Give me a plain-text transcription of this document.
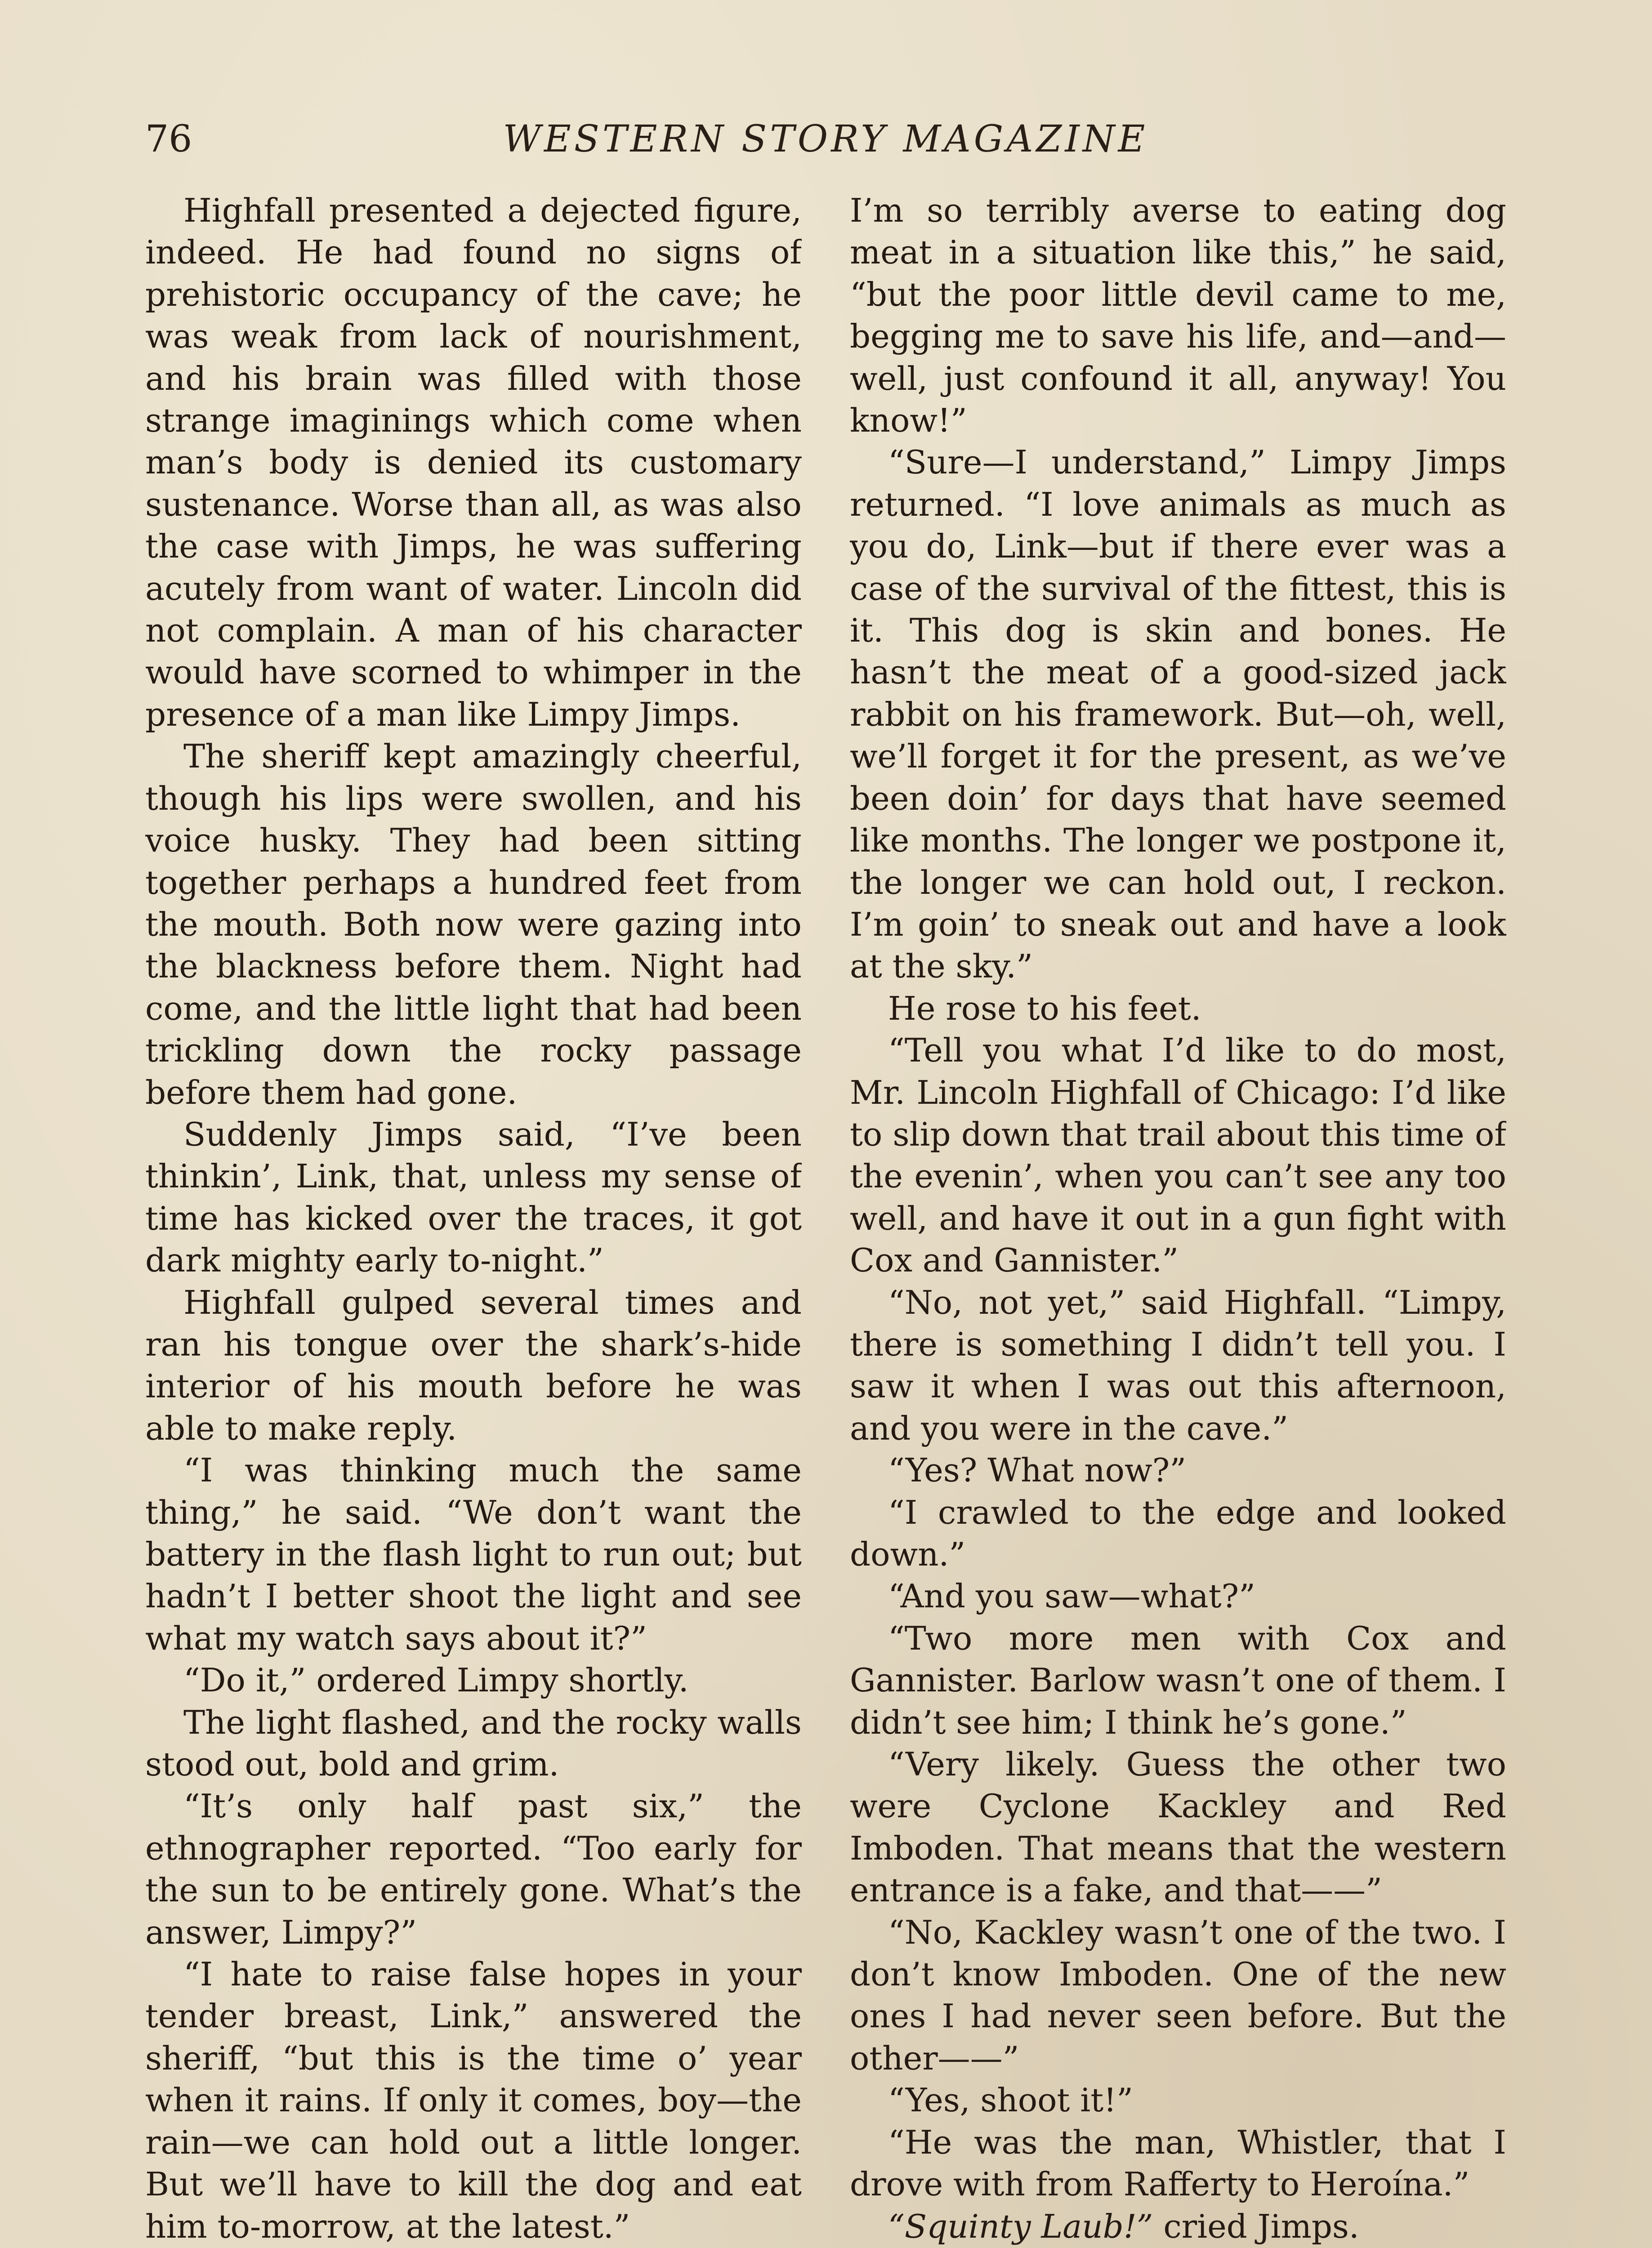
76	WESTERN STORY MAGAZINE

Highfall presented a dejected figure, indeed. He had found no signs of prehistoric occupancy of the cave; he was weak from lack of nourishment, and his brain was filled with those strange imaginings which come when man’s body is denied its customary sustenance. Worse than all, as was also the case with Jimps, he was suffering acutely from want of water. Lincoln did not complain. A man of his character would have scorned to whimper in the presence of a man like Limpy Jimps.

The sheriff kept amazingly cheerful, though his lips were swollen, and his voice husky. They had been sitting together perhaps a hundred feet from the mouth. Both now were gazing into the blackness before them. Night had come, and the little light that had been trickling down the rocky passage before them had gone.

Suddenly Jimps said, “I’ve been thinkin’, Link, that, unless my sense of time has kicked over the traces, it got dark mighty early to-night.”

Highfall gulped several times and ran his tongue over the shark’s-hide interior of his mouth before he was able to make reply.

“I was thinking much the same thing,” he said. “We don’t want the battery in the flash light to run out; but hadn’t I better shoot the light and see what my watch says about it?”

“Do it,” ordered Limpy shortly.

The light flashed, and the rocky walls stood out, bold and grim.

“It’s only half past six,” the ethnographer reported. “Too early for the sun to be entirely gone. What’s the answer, Limpy?”

“I hate to raise false hopes in your tender breast, Link,” answered the sheriff, “but this is the time o’ year when it rains. If only it comes, boy—the rain—we can hold out a little longer. But we’ll have to kill the dog and eat him to-morrow, at the latest.”

I’m so terribly averse to eating dog meat in a situation like this,” he said, “but the poor little devil came to me, begging me to save his life, and—and—well, just confound it all, anyway! You know!”

“Sure—I understand,” Limpy Jimps returned. “I love animals as much as you do, Link—but if there ever was a case of the survival of the fittest, this is it. This dog is skin and bones. He hasn’t the meat of a good-sized jack rabbit on his framework. But—oh, well, we’ll forget it for the present, as we’ve been doin’ for days that have seemed like months. The longer we postpone it, the longer we can hold out, I reckon. I’m goin’ to sneak out and have a look at the sky.”

He rose to his feet.

“Tell you what I’d like to do most, Mr. Lincoln Highfall of Chicago: I’d like to slip down that trail about this time of the evenin’, when you can’t see any too well, and have it out in a gun fight with Cox and Gannister.”

“No, not yet,” said Highfall. “Limpy, there is something I didn’t tell you. I saw it when I was out this afternoon, and you were in the cave.”

“Yes? What now?”

“I crawled to the edge and looked down.”

“And you saw—what?”

“Two more men with Cox and Gannister. Barlow wasn’t one of them. I didn’t see him; I think he’s gone.”

“Very likely. Guess the other two were Cyclone Kackley and Red Imboden. That means that the western entrance is a fake, and that——”

“No, Kackley wasn’t one of the two. I don’t know Imboden. One of the new ones I had never seen before. But the other——”

“Yes, shoot it!”

“He was the man, Whistler, that I drove with from Rafferty to Heroína.”

“Squinty Laub!” cried Jimps.
